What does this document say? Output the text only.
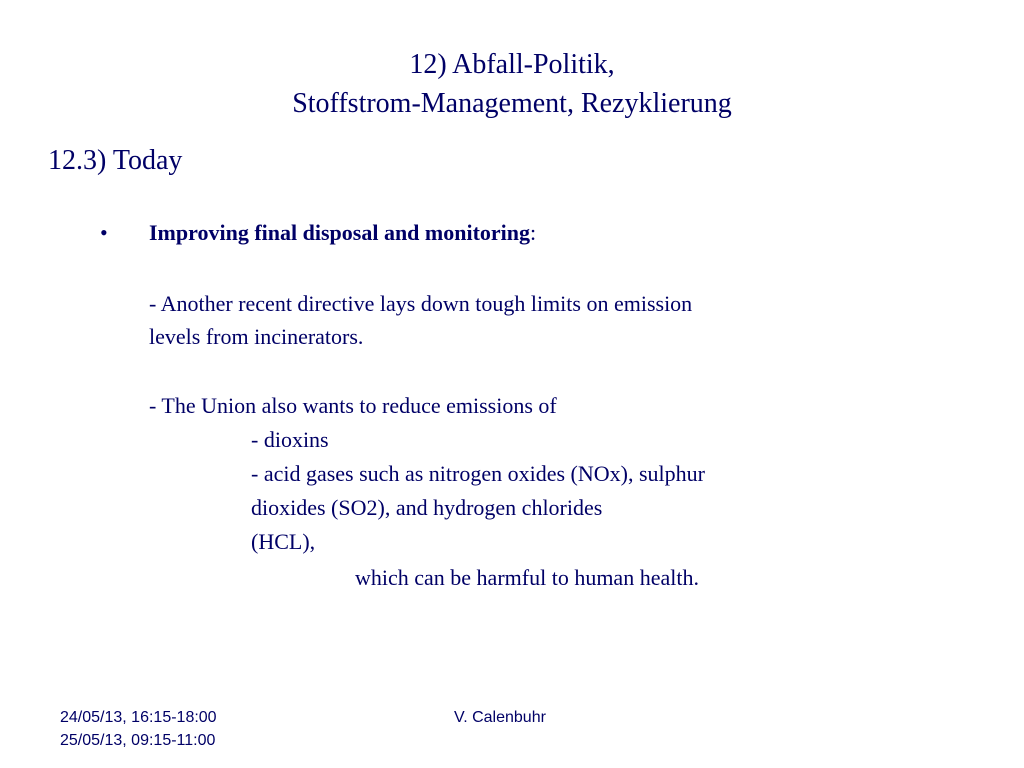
12) Abfall-Politik,
Stoffstrom-Management, Rezyklierung
12.3) Today
• Improving final disposal and monitoring:
- Another recent directive lays down tough limits on emission
levels from incinerators.
- The Union also wants to reduce emissions of
- dioxins
- acid gases such as nitrogen oxides (NOx), sulphur
dioxides (SO2), and hydrogen chlorides
(HCL),
which can be harmful to human health.
24/05/13, 16:15-18:00
25/05/13, 09:15-11:00
V. Calenbuhr
